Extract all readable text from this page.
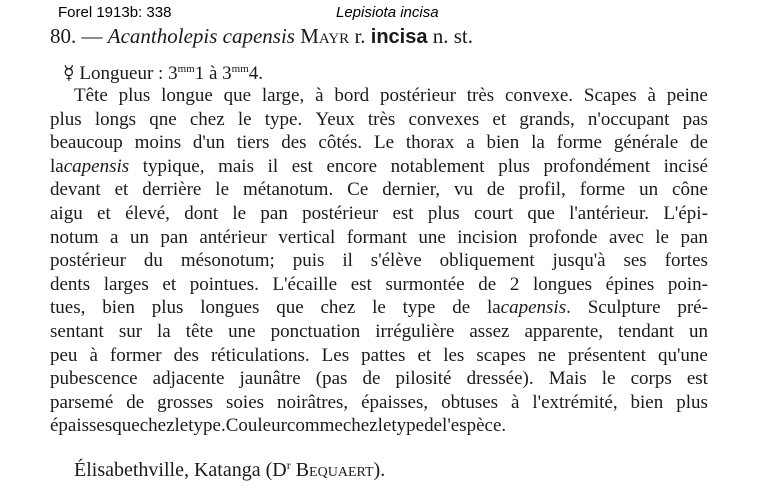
Forel 1913b: 338	Lepisiota incisa
80. — Acantholepis capensis Mayr r. incisa n. st.
☿ Longueur : $3^{mm}1$ à $3^{mm}4$.
Tête plus longue que large, à bord postérieur très convexe. Scapes à peine
plus longs qne chez le type. Yeux très convexes et grands, n'occupant pas
beaucoup moins d'un tiers des côtés. Le thorax a bien la forme générale de
lacapensis typique, mais il est encore notablement plus profondément incisé
devant et derrière le métanotum. Ce dernier, vu de profil, forme un cône
aigu et élevé, dont le pan postérieur est plus court que l'antérieur. L'épi-
notum a un pan antérieur vertical formant une incision profonde avec le pan
postérieur du mésonotum; puis il s'élève obliquement jusqu'à ses fortes
dents larges et pointues. L'écaille est surmontée de 2 longues épines poin-
tues, bien plus longues que chez le type de lacapensis. Sculpture pré-
sentant sur la tête une ponctuation irrégulière assez apparente, tendant un
peu à former des réticulations. Les pattes et les scapes ne présentent qu'une
pubescence adjacente jaunâtre (pas de pilosité dressée). Mais le corps est
parsemé de grosses soies noirâtres, épaisses, obtuses à l'extrémité, bien plus
épaisses que chez le type. Couleur comme chez le type de l'espèce.
Élisabethville, Katanga ($D^r$ Bequaert).
